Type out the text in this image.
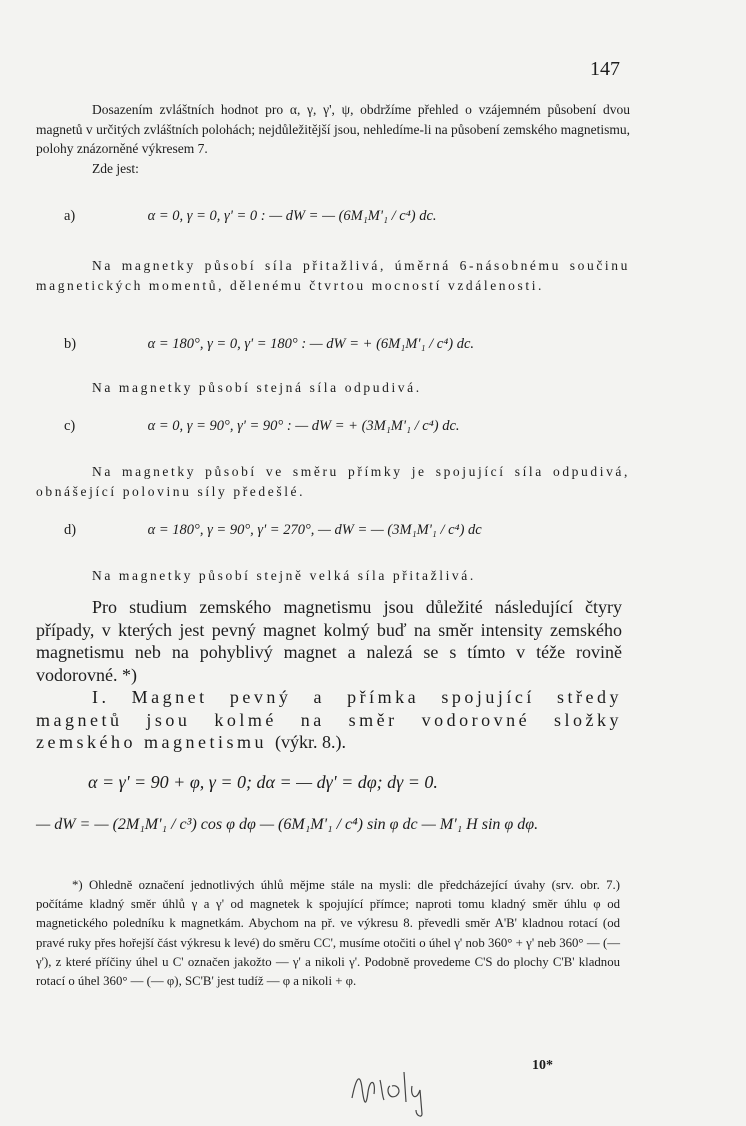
147

Dosazením zvláštních hodnot pro α, γ, γ', ψ, obdržíme přehled o vzájemném působení dvou magnetů v určitých zvláštních polohách; nejdůležitější jsou, nehledíme-li na působení zemského magnetismu, polohy znázorněné výkresem 7.

Zde jest:

a)	α = 0, γ = 0, γ' = 0 : — dW = — (6M₁M'₁ / c⁴) dc.

Na magnetky působí síla přitažlivá, úměrná 6-násobnému součinu magnetických momentů, dělenému čtvrtou mocností vzdálenosti.

b)	α = 180°, γ = 0, γ' = 180° : — dW = + (6M₁M'₁ / c⁴) dc.

Na magnetky působí stejná síla odpudivá.

c)	α = 0, γ = 90°, γ' = 90° : — dW = + (3M₁M'₁ / c⁴) dc.

Na magnetky působí ve směru přímky je spojující síla odpudivá, obnášející polovinu síly předešlé.

d)	α = 180°, γ = 90°, γ' = 270°, — dW = — (3M₁M'₁ / c⁴) dc

Na magnetky působí stejně velká síla přitažlivá.

Pro studium zemského magnetismu jsou důležité následující čtyry případy, v kterých jest pevný magnet kolmý buď na směr intensity zemského magnetismu neb na pohyblivý magnet a nalezá se s tímto v téže rovině vodorovné. *)

I. Magnet pevný a přímka spojující středy magnetů jsou kolmé na směr vodorovné složky zemského magnetismu (výkr. 8.).

α = γ' = 90 + φ, γ = 0; dα = — dγ' = dφ; dγ = 0.
— dW = — (2M₁M'₁ / c³) cos φ dφ — (6M₁M'₁ / c⁴) sin φ dc — M'₁ H sin φ dφ.

*) Ohledně označení jednotlivých úhlů mějme stále na mysli: dle předcházející úvahy (srv. obr. 7.) počítáme kladný směr úhlů γ a γ' od magnetek k spojující přímce; naproti tomu kladný směr úhlu φ od magnetického poledníku k magnetkám. Abychom na př. ve výkresu 8. převedli směr A'B' kladnou rotací (od pravé ruky přes hořejší část výkresu k levé) do směru CC', musíme otočiti o úhel γ' nob 360° + γ' neb 360° — (— γ'), z které příčiny úhel u C' označen jakožto — γ' a nikoli γ'. Podobně provedeme C'S do plochy C'B' kladnou rotací o úhel 360° — (— φ), SC'B' jest tudíž — φ a nikoli + φ.

10*
